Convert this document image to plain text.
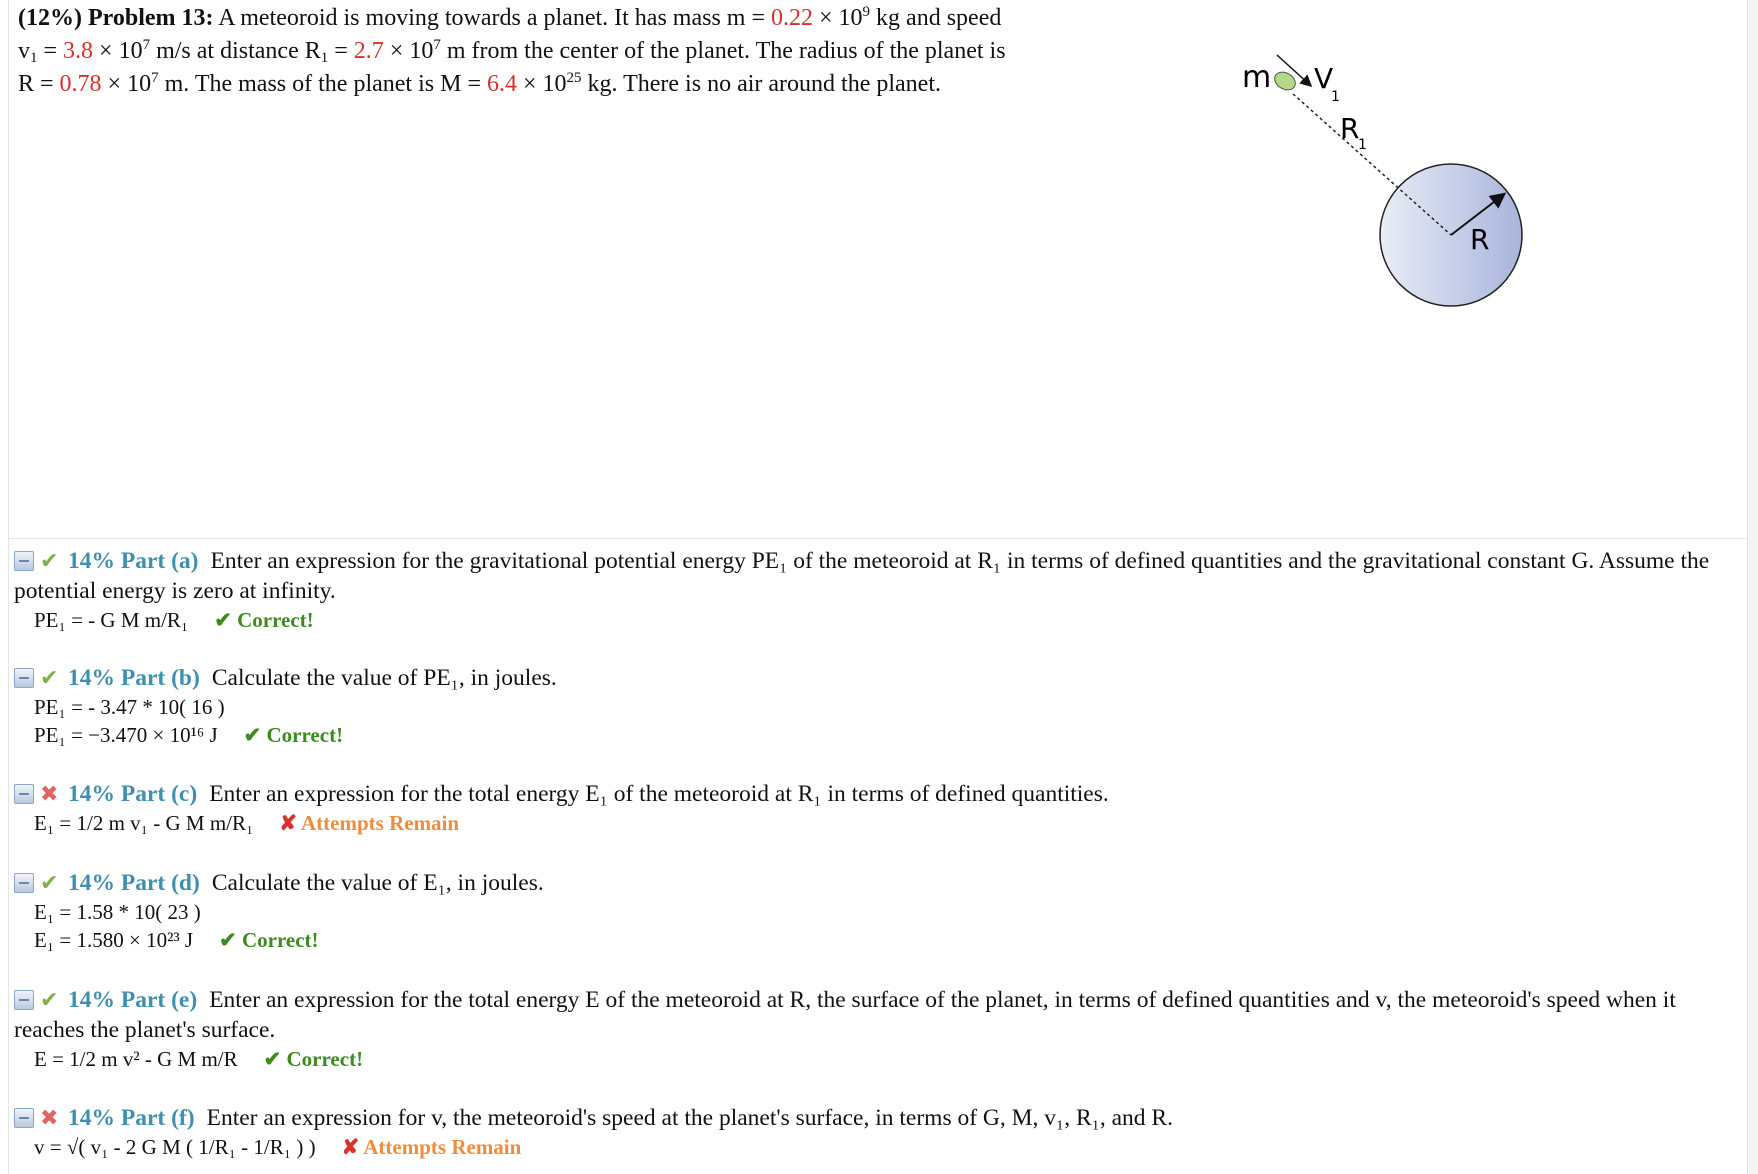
(12%) Problem 13: A meteoroid is moving towards a planet. It has mass $m = 0.22 \times 10^9$ kg and speed
$v_1 = 3.8 \times 10^7$ m/s at distance $R_1 = 2.7 \times 10^7$ m from the center of the planet. The radius of the planet is
$R = 0.78 \times 10^7$ m. The mass of the planet is $M = 6.4 \times 10^{25}$ kg. There is no air around the planet.	m V
1
R
1
R
✔ 14% Part (a) Enter an expression for the gravitational potential energy PE₁ of the meteoroid at R₁ in terms of defined quantities and the gravitational constant G. Assume the potential energy is zero at infinity.
PE₁ = - G M m/R₁ ✔ Correct!
✔ 14% Part (b) Calculate the value of PE₁, in joules.
PE₁ = - 3.47 * 10( 16 )
PE₁ = −3.470 × 10¹⁶ J ✔ Correct!
✖ 14% Part (c) Enter an expression for the total energy E₁ of the meteoroid at R₁ in terms of defined quantities.
E₁ = 1/2 m v₁ - G M m/R₁ ✘ Attempts Remain
✔ 14% Part (d) Calculate the value of E₁, in joules.
E₁ = 1.58 * 10( 23 )
E₁ = 1.580 × 10²³ J ✔ Correct!
✔ 14% Part (e) Enter an expression for the total energy E of the meteoroid at R, the surface of the planet, in terms of defined quantities and v, the meteoroid's speed when it reaches the planet's surface.
E = 1/2 m v² - G M m/R ✔ Correct!
✖ 14% Part (f) Enter an expression for v, the meteoroid's speed at the planet's surface, in terms of G, M, v₁, R₁, and R.
v = √( v₁ - 2 G M ( 1/R₁ - 1/R₁ ) ) ✘ Attempts Remain
